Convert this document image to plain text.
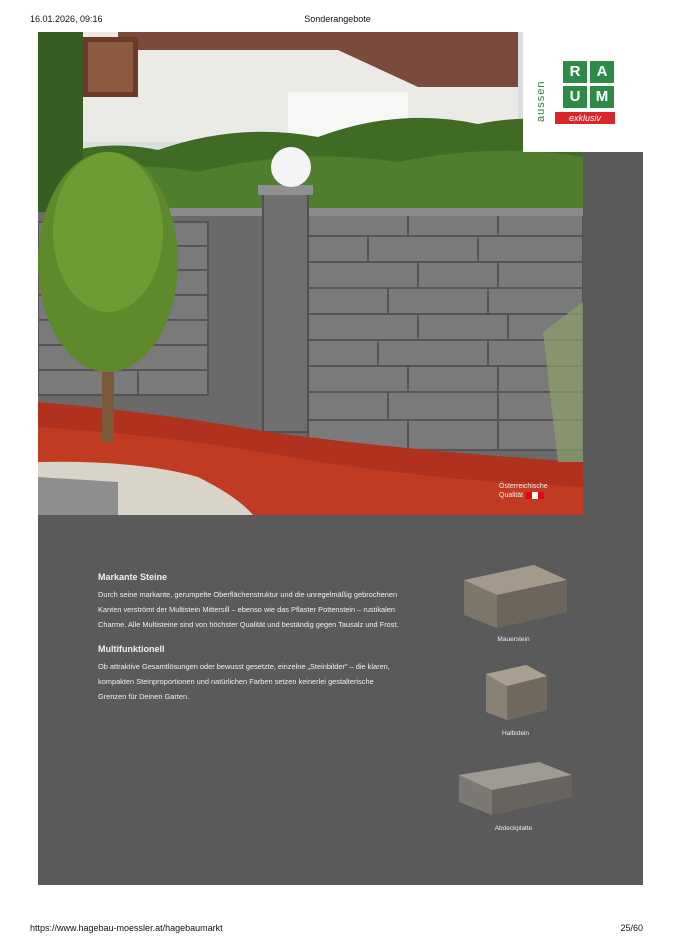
16.01.2026, 09:16	Sonderangebote
Österreichische Qualität
aussen
R	A
U	M
exklusiv
Markante Steine

Durch seine markante, gerumpelte Oberflächenstruktur und die unregelmäßig gebrochenen Kanten verströmt der Multistein Mittersill – ebenso wie das Pflaster Pottenstein – rustikalen Charme. Alle Multisteine sind von höchster Qualität und beständig gegen Tausalz und Frost.

Multifunktionell

Ob attraktive Gesamtlösungen oder bewusst gesetzte, einzelne „Steinbilder" – die klaren, kompakten Steinproportionen und natürlichen Farben setzen keinerlei gestalterische Grenzen für Deinen Garten.

Mauerstein
Halbstein
Abdeckplatte
https://www.hagebau-moessler.at/hagebaumarkt	25/60
